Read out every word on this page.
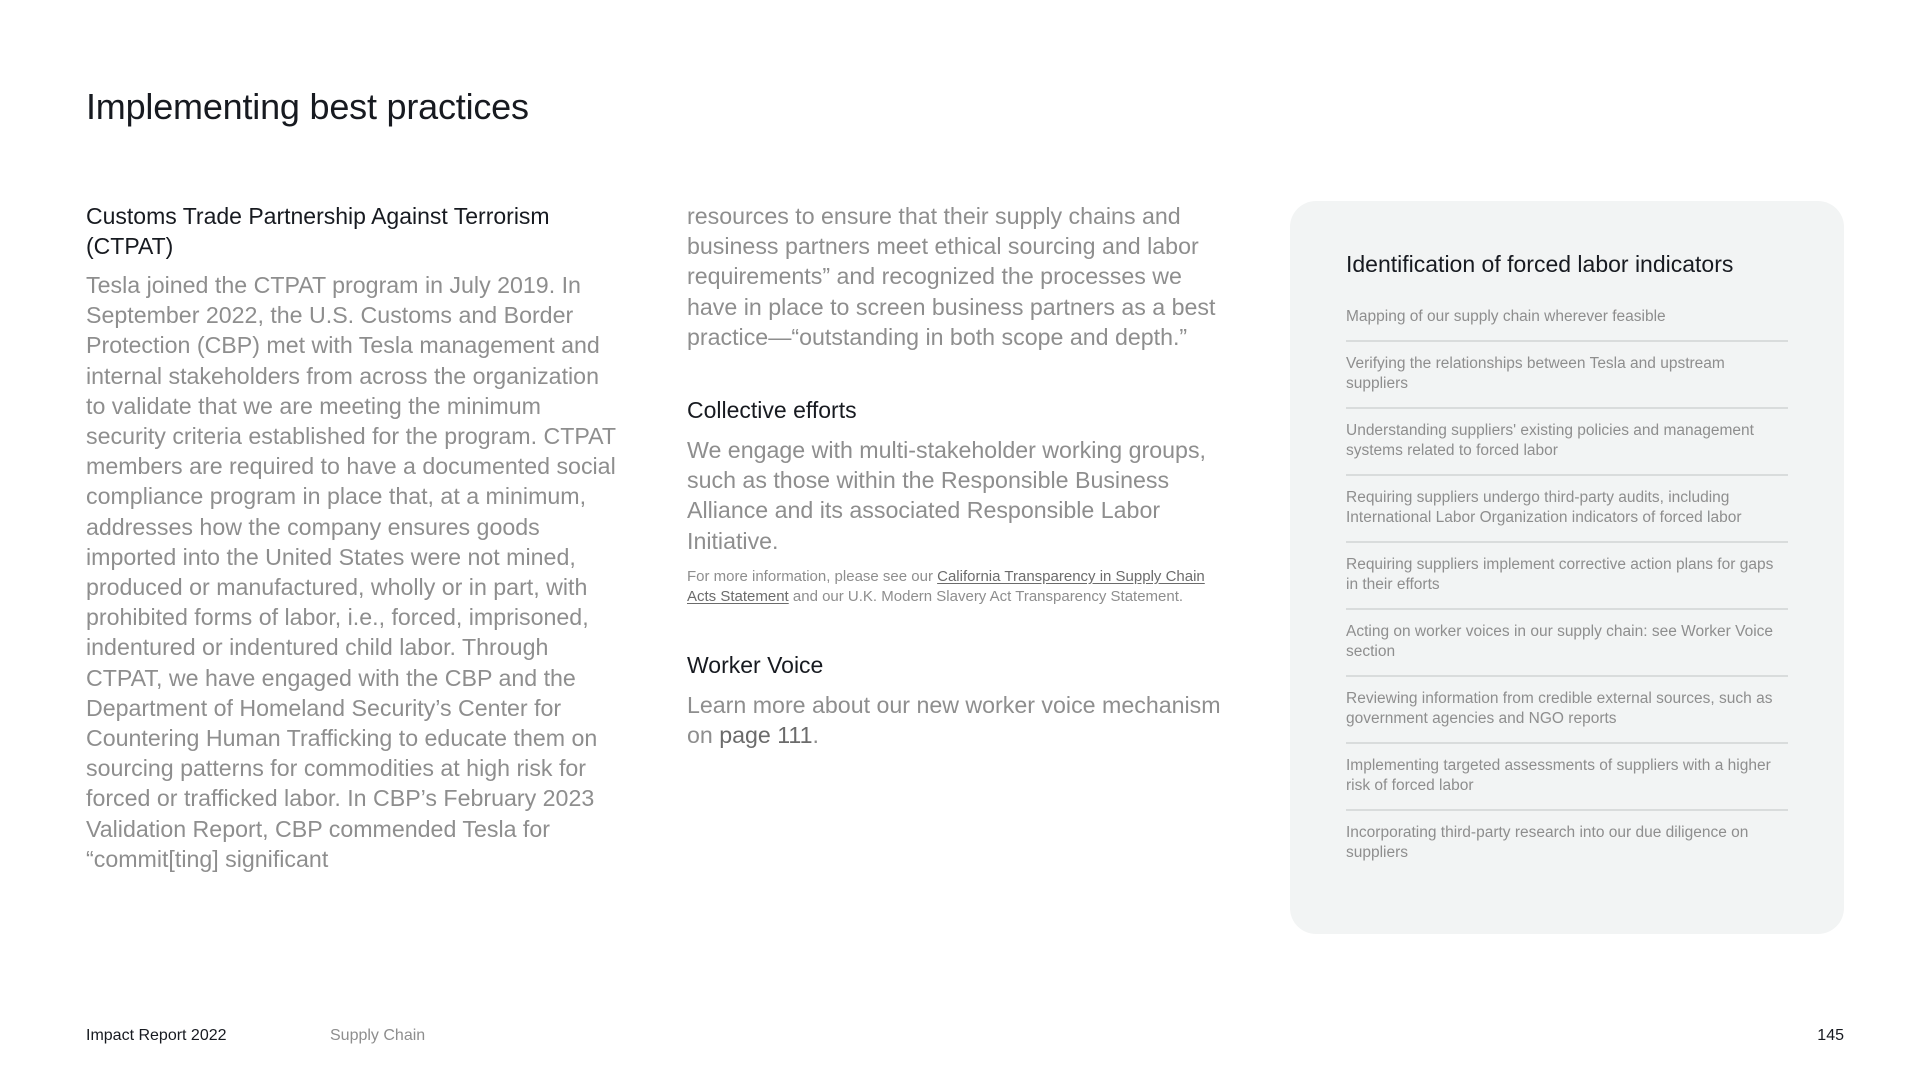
Implementing best practices
Customs Trade Partnership Against Terrorism (CTPAT)

Tesla joined the CTPAT program in July 2019. In September 2022, the U.S. Customs and Border Protection (CBP) met with Tesla management and internal stakeholders from across the organization to validate that we are meeting the minimum security criteria established for the program. CTPAT members are required to have a documented social compliance program in place that, at a minimum, addresses how the company ensures goods imported into the United States were not mined, produced or manufactured, wholly or in part, with prohibited forms of labor, i.e., forced, imprisoned, indentured or indentured child labor. Through CTPAT, we have engaged with the CBP and the Department of Homeland Security’s Center for Countering Human Trafficking to educate them on sourcing patterns for commodities at high risk for forced or trafficked labor. In CBP’s February 2023 Validation Report, CBP commended Tesla for “commit[ting] significant

resources to ensure that their supply chains and business partners meet ethical sourcing and labor requirements” and recognized the processes we have in place to screen business partners as a best practice—“outstanding in both scope and depth.”

Collective efforts

We engage with multi-stakeholder working groups, such as those within the Responsible Business Alliance and its associated Responsible Labor Initiative.

For more information, please see our California Transparency in Supply Chain Acts Statement and our U.K. Modern Slavery Act Transparency Statement.

Worker Voice

Learn more about our new worker voice mechanism on page 111.

Identification of forced labor indicators
Mapping of our supply chain wherever feasible
Verifying the relationships between Tesla and upstream suppliers
Understanding suppliers' existing policies and management systems related to forced labor
Requiring suppliers undergo third-party audits, including International Labor Organization indicators of forced labor
Requiring suppliers implement corrective action plans for gaps in their efforts
Acting on worker voices in our supply chain: see Worker Voice section
Reviewing information from credible external sources, such as government agencies and NGO reports
Implementing targeted assessments of suppliers with a higher risk of forced labor
Incorporating third-party research into our due diligence on suppliers
Impact Report 2022	Supply Chain	145
